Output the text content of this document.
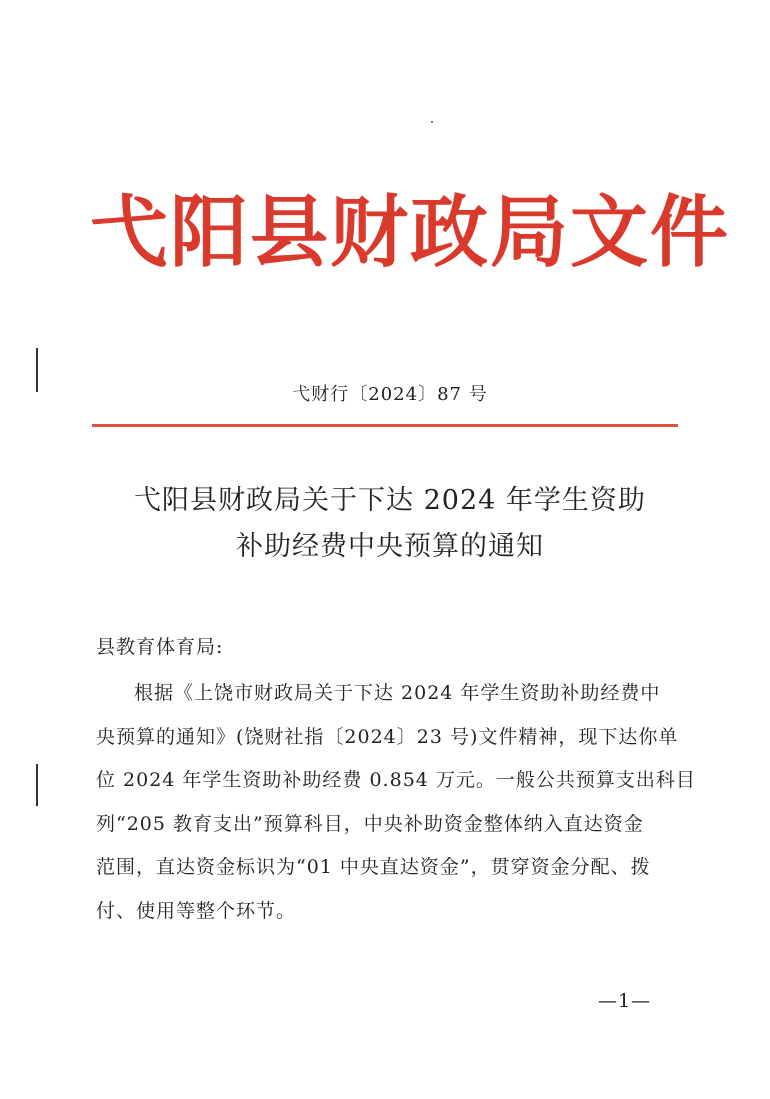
弋阳县财政局文件
弋财行〔2024〕87 号
弋阳县财政局关于下达 2024 年学生资助
补助经费中央预算的通知
县教育体育局:
根据《上饶市财政局关于下达 2024 年学生资助补助经费中
央预算的通知》(饶财社指〔2024〕23 号)文件精神，现下达你单
位 2024 年学生资助补助经费 0.854 万元。一般公共预算支出科目
列“205 教育支出”预算科目，中央补助资金整体纳入直达资金
范围，直达资金标识为“01 中央直达资金”，贯穿资金分配、拨
付、使用等整个环节。
—1—
